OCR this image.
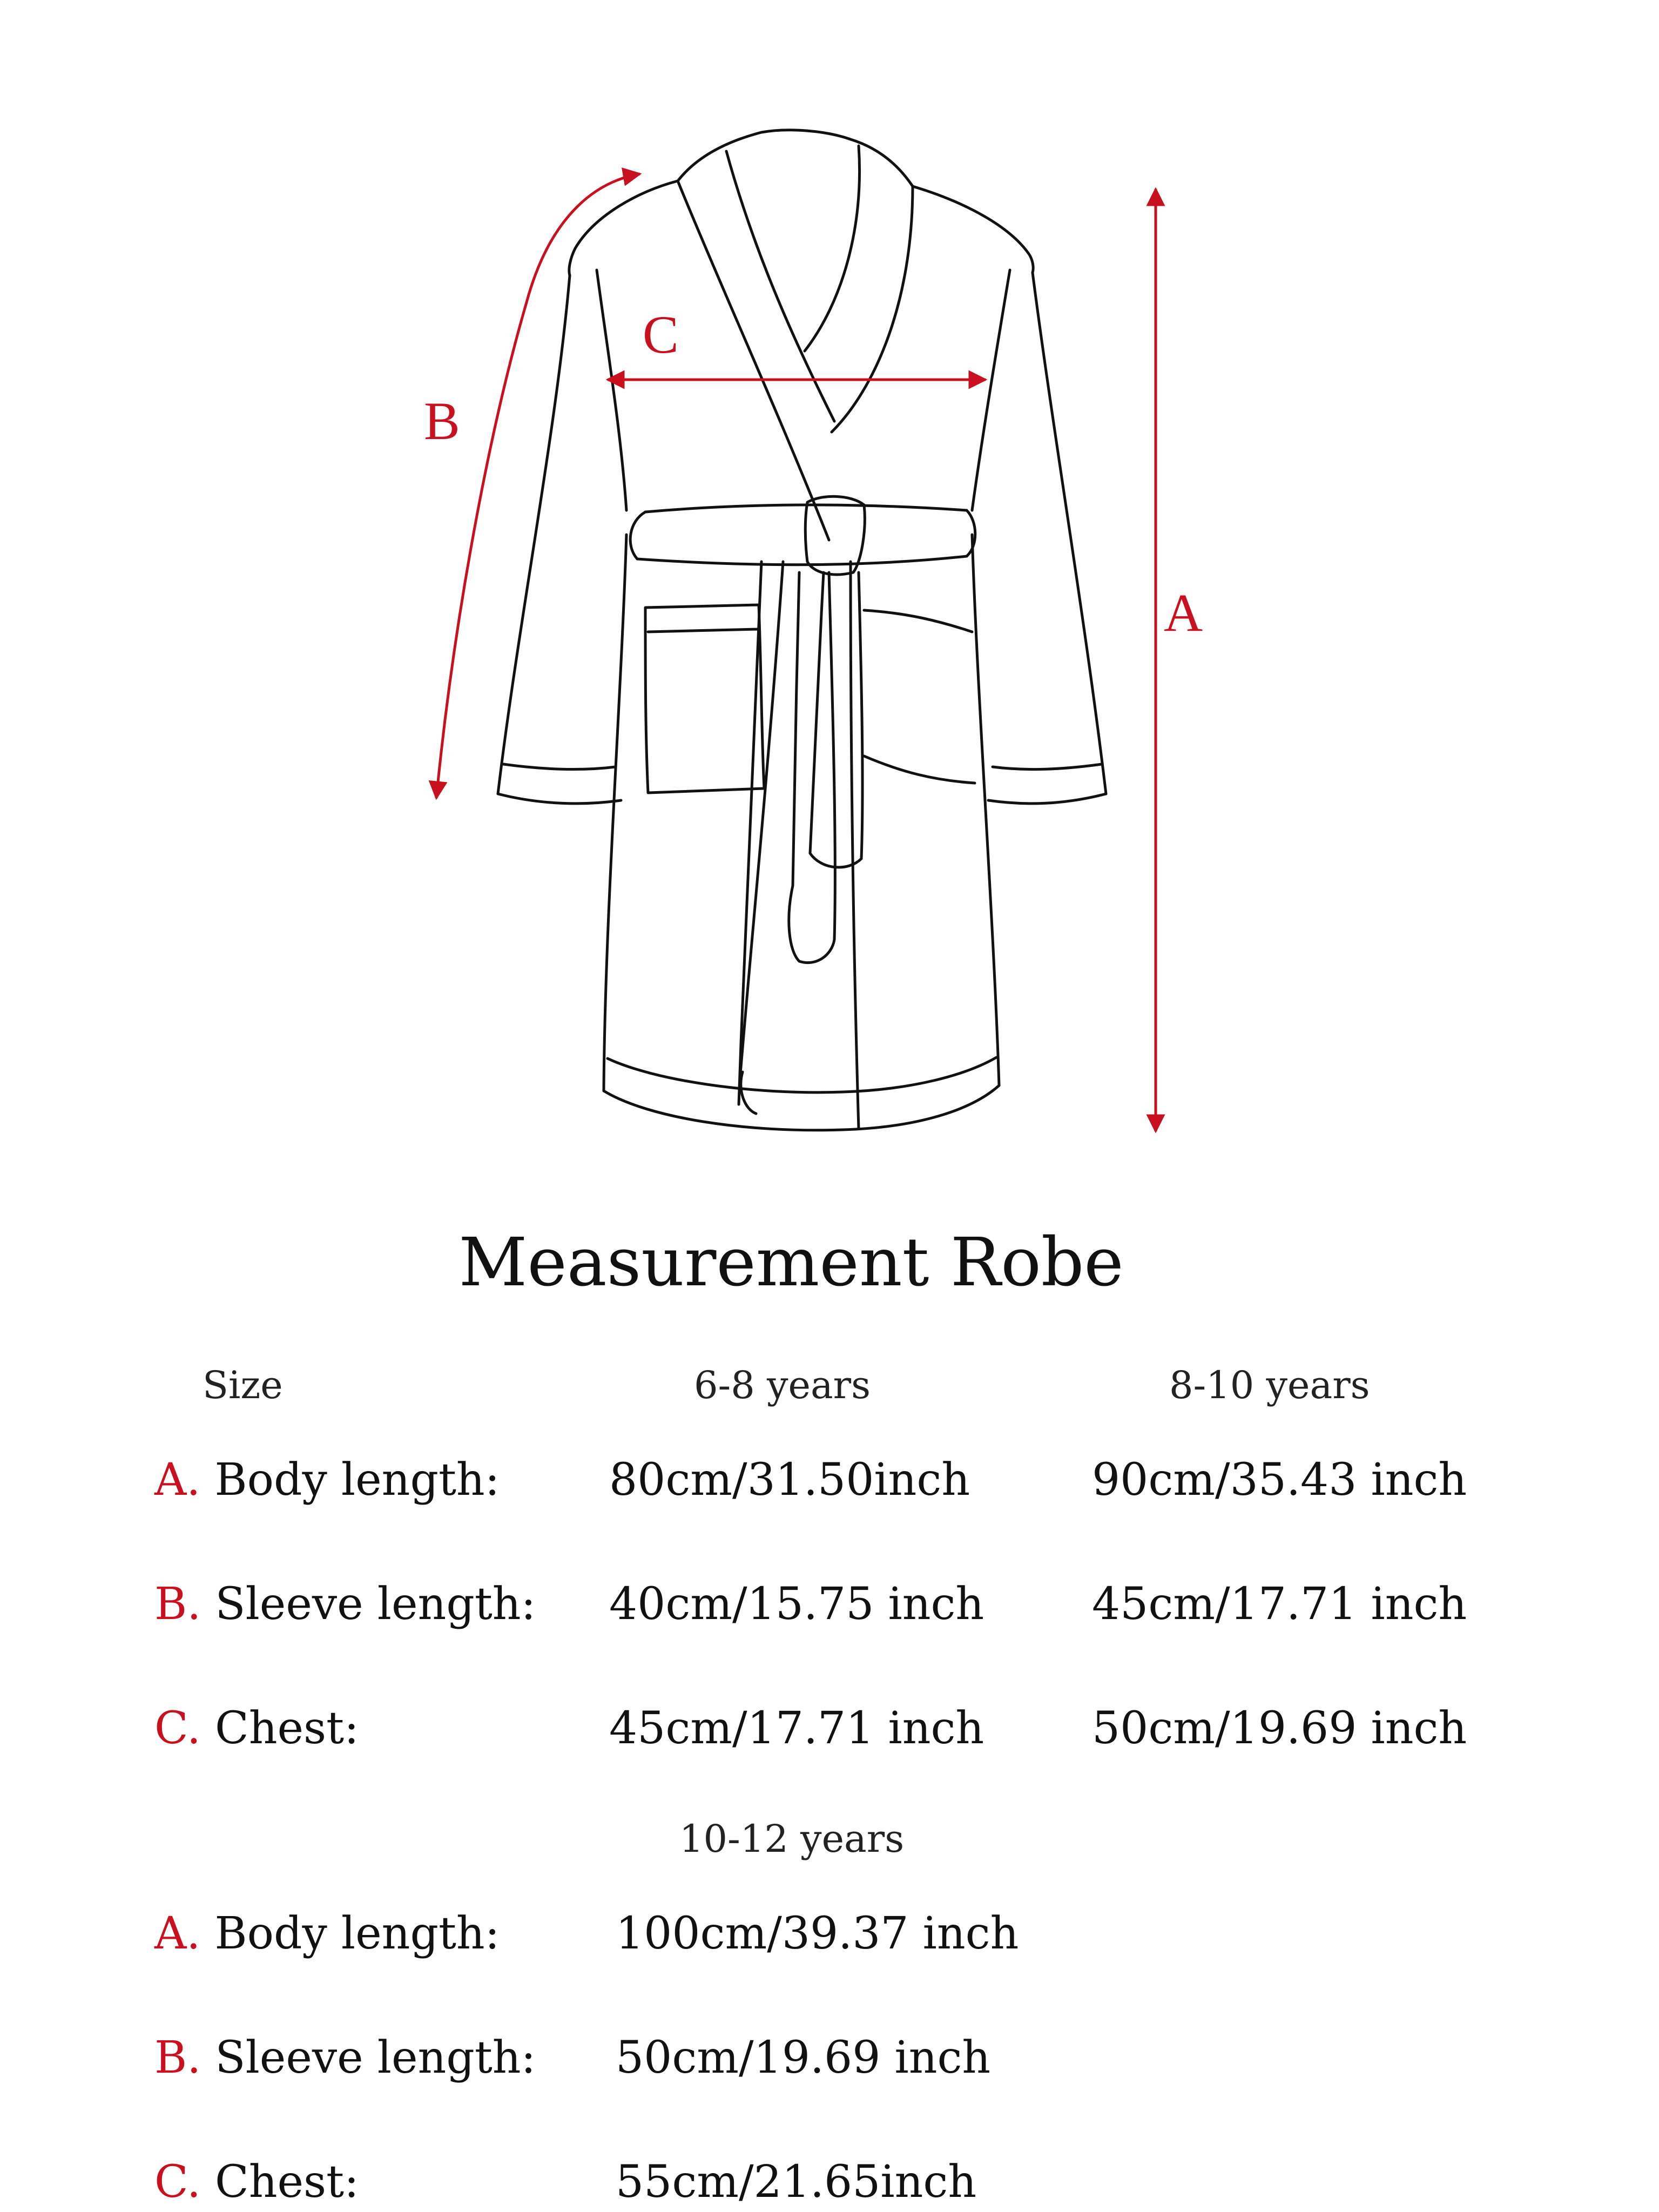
A
B
C
Measurement Robe
Size	6-8 years	8-10 years
A. Body length:
B. Sleeve length:
C. Chest:
80cm/31.50inch
40cm/15.75 inch
45cm/17.71 inch
90cm/35.43 inch
45cm/17.71 inch
50cm/19.69 inch
10-12 years
A. Body length:
B. Sleeve length:
C. Chest:
100cm/39.37 inch
50cm/19.69 inch
55cm/21.65inch
